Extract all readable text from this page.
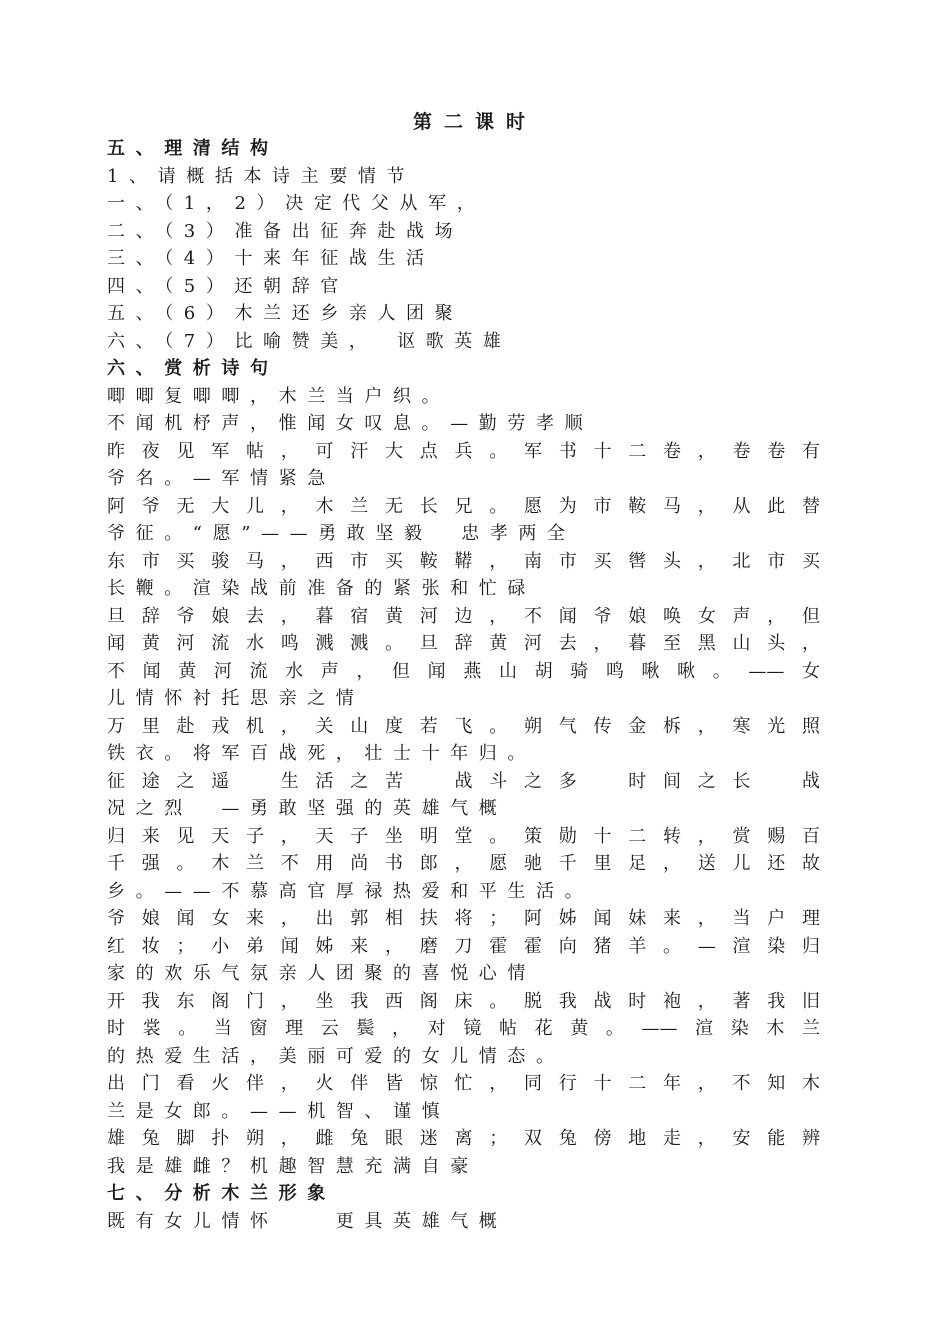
第二课时
五、理清结构
1、请概括本诗主要情节
一、（1，2）决定代父从军，
二、（3）准备出征奔赴战场
三、（4）十来年征战生活
四、（5）还朝辞官
五、（6）木兰还乡亲人团聚
六、（7）比喻赞美，　讴歌英雄
六、赏析诗句
唧唧复唧唧，木兰当户织。
不闻机杼声，惟闻女叹息。—勤劳孝顺
昨夜见军帖，可汗大点兵。军书十二卷，卷卷有
爷名。—军情紧急
阿爷无大儿，木兰无长兄。愿为市鞍马，从此替
爷征。“愿”——勇敢坚毅　忠孝两全
东市买骏马，西市买鞍鞯，南市买辔头，北市买
长鞭。渲染战前准备的紧张和忙碌
旦辞爷娘去，暮宿黄河边，不闻爷娘唤女声，但
闻黄河流水鸣溅溅。旦辞黄河去，暮至黑山头，
不闻黄河流水声，但闻燕山胡骑鸣啾啾。——女
儿情怀衬托思亲之情
万里赴戎机，关山度若飞。朔气传金柝，寒光照
铁衣。将军百战死，壮士十年归。
征途之遥　生活之苦　战斗之多　时间之长　战
况之烈　—勇敢坚强的英雄气概
归来见天子，天子坐明堂。策勋十二转，赏赐百
千强。木兰不用尚书郎，愿驰千里足，送儿还故
乡。——不慕高官厚禄热爱和平生活。
爷娘闻女来，出郭相扶将；阿姊闻妹来，当户理
红妆；小弟闻姊来，磨刀霍霍向猪羊。—渲染归
家的欢乐气氛亲人团聚的喜悦心情
开我东阁门，坐我西阁床。脱我战时袍，著我旧
时裳。当窗理云鬓，对镜帖花黄。——渲染木兰
的热爱生活，美丽可爱的女儿情态。
出门看火伴，火伴皆惊忙，同行十二年，不知木
兰是女郎。——机智、谨慎
雄兔脚扑朔，雌兔眼迷离；双兔傍地走，安能辨
我是雄雌？机趣智慧充满自豪
七、分析木兰形象
既有女儿情怀　　更具英雄气概
